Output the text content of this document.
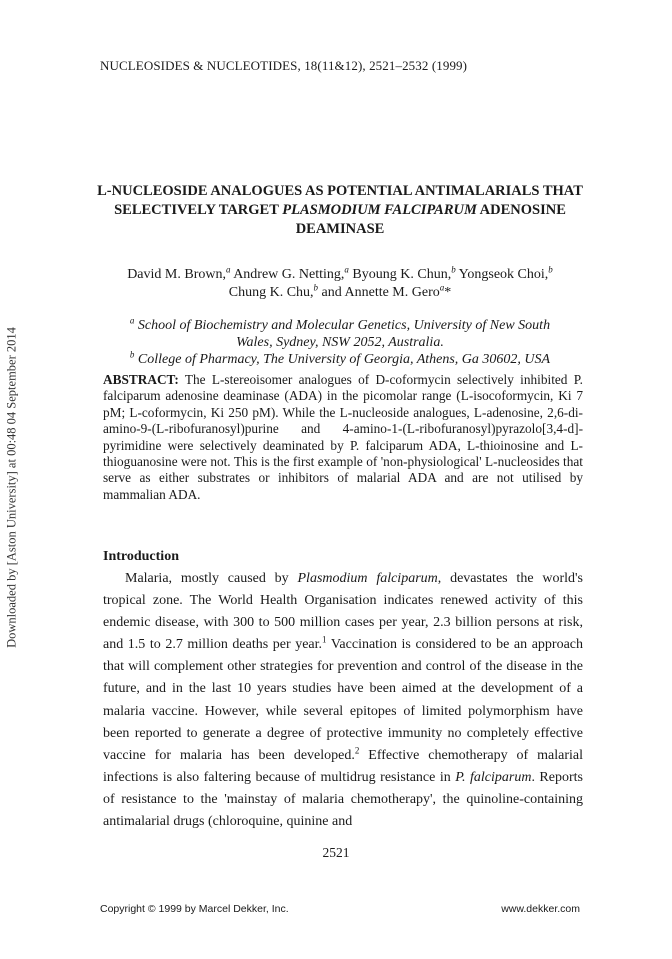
NUCLEOSIDES & NUCLEOTIDES, 18(11&12), 2521–2532 (1999)
L-NUCLEOSIDE ANALOGUES AS POTENTIAL ANTIMALARIALS THAT
SELECTIVELY TARGET PLASMODIUM FALCIPARUM ADENOSINE
DEAMINASE
David M. Brown,$^a$ Andrew G. Netting,$^a$ Byoung K. Chun,$^b$ Yongseok Choi,$^b$
Chung K. Chu,$^b$ and Annette M. Gero$^a$*
$^a$ School of Biochemistry and Molecular Genetics, University of New South
Wales, Sydney, NSW 2052, Australia.
$^b$ College of Pharmacy, The University of Georgia, Athens, Ga 30602, USA
ABSTRACT: The L-stereoisomer analogues of D-coformycin selectively inhibited P. falciparum adenosine deaminase (ADA) in the picomolar range (L-isocoformycin, Ki 7 pM; L-coformycin, Ki 250 pM). While the L-nucleoside analogues, L-adenosine, 2,6-di-amino-9-(L-ribofuranosyl)purine and 4-amino-1-(L-ribofuranosyl)pyrazolo[3,4-d]-pyrimidine were selectively deaminated by P. falciparum ADA, L-thioinosine and L-thioguanosine were not. This is the first example of 'non-physiological' L-nucleosides that serve as either substrates or inhibitors of malarial ADA and are not utilised by mammalian ADA.
Introduction

Malaria, mostly caused by Plasmodium falciparum, devastates the world's tropical zone. The World Health Organisation indicates renewed activity of this endemic disease, with 300 to 500 million cases per year, 2.3 billion persons at risk, and 1.5 to 2.7 million deaths per year.$^1$ Vaccination is considered to be an approach that will complement other strategies for prevention and control of the disease in the future, and in the last 10 years studies have been aimed at the development of a malaria vaccine. However, while several epitopes of limited polymorphism have been reported to generate a degree of protective immunity no completely effective vaccine for malaria has been developed.$^2$ Effective chemotherapy of malarial infections is also faltering because of multidrug resistance in P. falciparum. Reports of resistance to the 'mainstay of malaria chemotherapy', the quinoline-containing antimalarial drugs (chloroquine, quinine and

2521
Copyright © 1999 by Marcel Dekker, Inc.	www.dekker.com
Downloaded by [Aston University] at 00:48 04 September 2014
